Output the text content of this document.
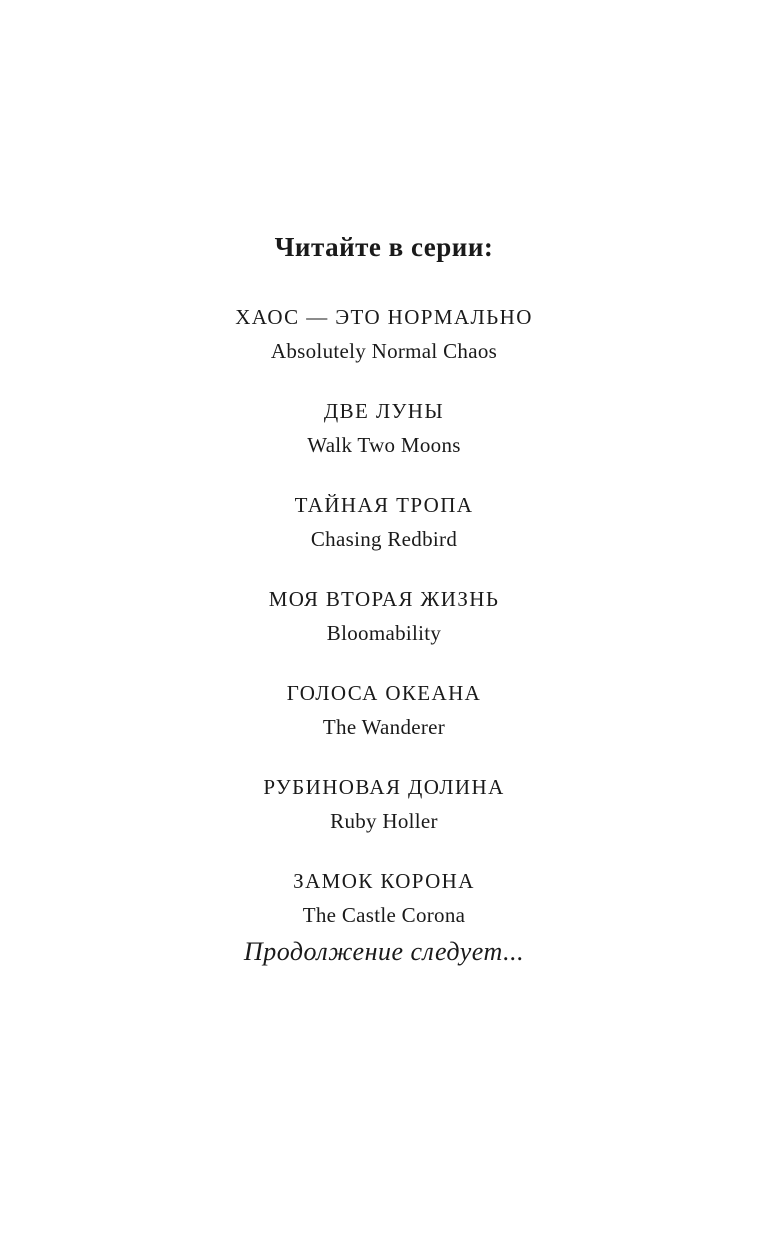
Читайте в серии:
ХАОС — ЭТО НОРМАЛЬНО
Absolutely Normal Chaos
ДВЕ ЛУНЫ
Walk Two Moons
ТАЙНАЯ ТРОПА
Chasing Redbird
МОЯ ВТОРАЯ ЖИЗНЬ
Bloomability
ГОЛОСА ОКЕАНА
The Wanderer
РУБИНОВАЯ ДОЛИНА
Ruby Holler
ЗАМОК КОРОНА
The Castle Corona
Продолжение следует...
